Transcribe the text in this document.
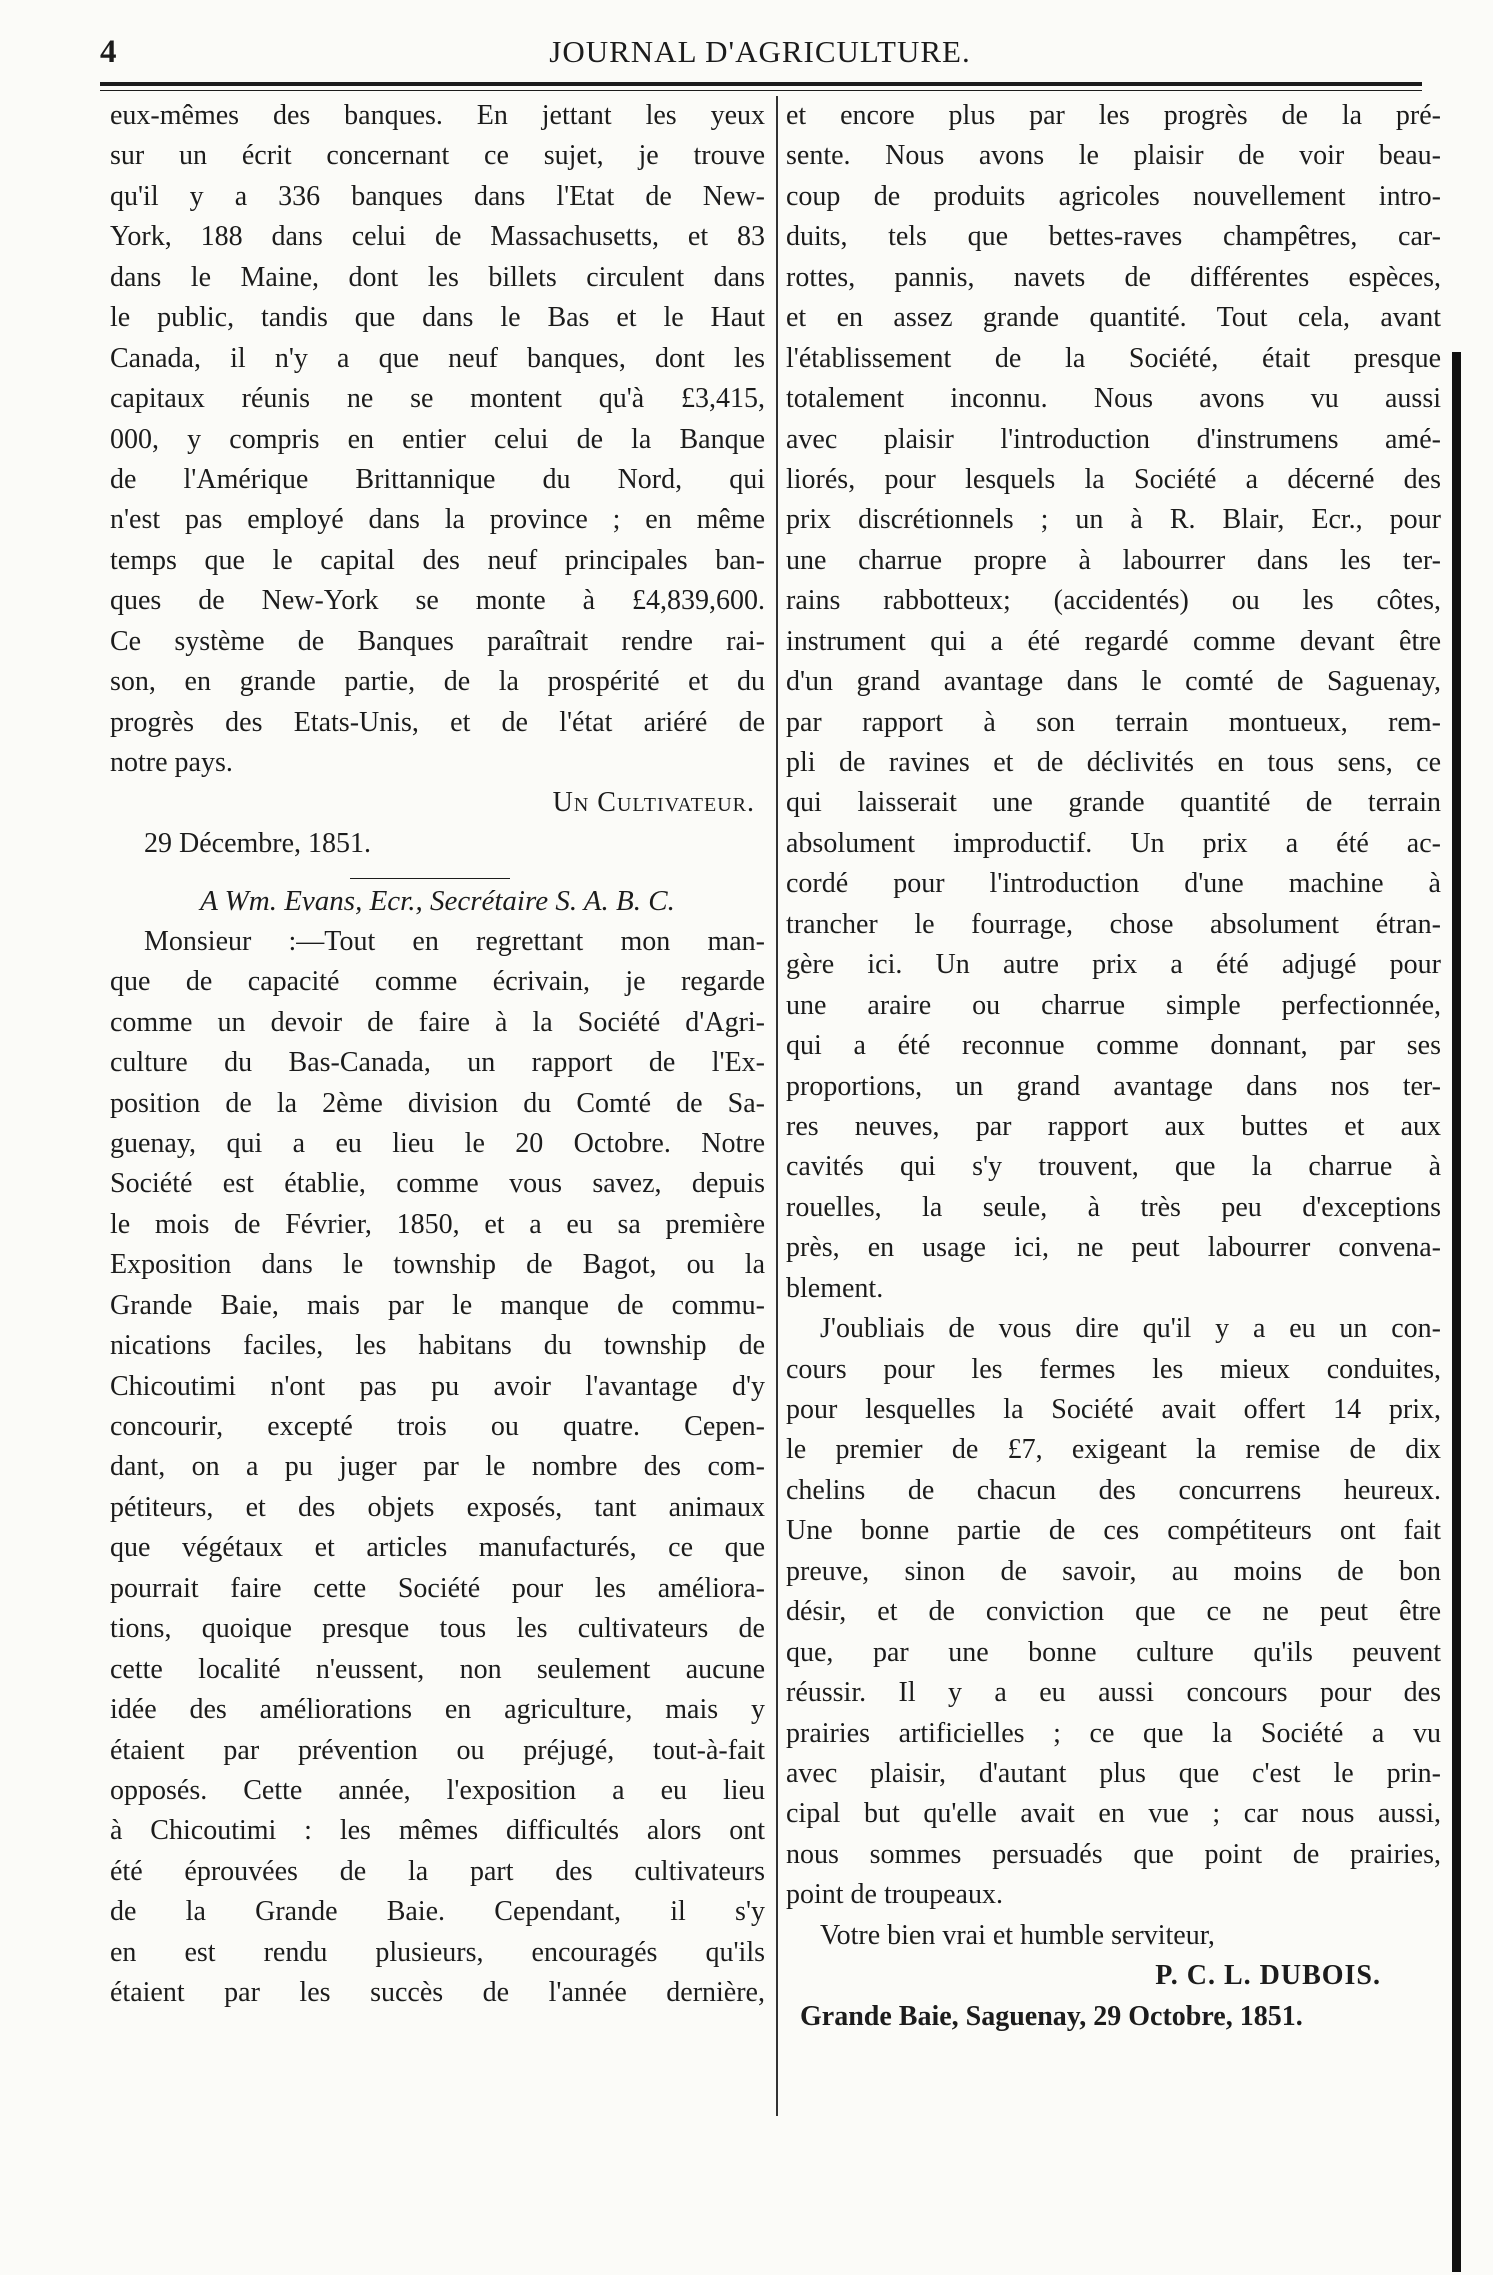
4	JOURNAL D'AGRICULTURE.

eux-mêmes des banques. En jettant les yeux
sur un écrit concernant ce sujet, je trouve
qu'il y a 336 banques dans l'Etat de New-
York, 188 dans celui de Massachusetts, et 83
dans le Maine, dont les billets circulent dans
le public, tandis que dans le Bas et le Haut
Canada, il n'y a que neuf banques, dont les
capitaux réunis ne se montent qu'à £3,415,
000, y compris en entier celui de la Banque
de l'Amérique Brittannique du Nord, qui
n'est pas employé dans la province ; en même
temps que le capital des neuf principales ban-
ques de New-York se monte à £4,839,600.
Ce système de Banques paraîtrait rendre rai-
son, en grande partie, de la prospérité et du
progrès des Etats-Unis, et de l'état ariéré de
notre pays.

Un Cultivateur.
29 Décembre, 1851.
A Wm. Evans, Ecr., Secrétaire S. A. B. C.

Monsieur :—Tout en regrettant mon man-
que de capacité comme écrivain, je regarde
comme un devoir de faire à la Société d'Agri-
culture du Bas-Canada, un rapport de l'Ex-
position de la 2ème division du Comté de Sa-
guenay, qui a eu lieu le 20 Octobre. Notre
Société est établie, comme vous savez, depuis
le mois de Février, 1850, et a eu sa première
Exposition dans le township de Bagot, ou la
Grande Baie, mais par le manque de commu-
nications faciles, les habitans du township de
Chicoutimi n'ont pas pu avoir l'avantage d'y
concourir, excepté trois ou quatre. Cepen-
dant, on a pu juger par le nombre des com-
pétiteurs, et des objets exposés, tant animaux
que végétaux et articles manufacturés, ce que
pourrait faire cette Société pour les améliora-
tions, quoique presque tous les cultivateurs de
cette localité n'eussent, non seulement aucune
idée des améliorations en agriculture, mais y
étaient par prévention ou préjugé, tout-à-fait
opposés. Cette année, l'exposition a eu lieu
à Chicoutimi : les mêmes difficultés alors ont
été éprouvées de la part des cultivateurs
de la Grande Baie. Cependant, il s'y
en est rendu plusieurs, encouragés qu'ils
étaient par les succès de l'année dernière,

et encore plus par les progrès de la pré-
sente. Nous avons le plaisir de voir beau-
coup de produits agricoles nouvellement intro-
duits, tels que bettes-raves champêtres, car-
rottes, pannis, navets de différentes espèces,
et en assez grande quantité. Tout cela, avant
l'établissement de la Société, était presque
totalement inconnu. Nous avons vu aussi
avec plaisir l'introduction d'instrumens amé-
liorés, pour lesquels la Société a décerné des
prix discrétionnels ; un à R. Blair, Ecr., pour
une charrue propre à labourrer dans les ter-
rains rabbotteux; (accidentés) ou les côtes,
instrument qui a été regardé comme devant être
d'un grand avantage dans le comté de Saguenay,
par rapport à son terrain montueux, rem-
pli de ravines et de déclivités en tous sens, ce
qui laisserait une grande quantité de terrain
absolument improductif. Un prix a été ac-
cordé pour l'introduction d'une machine à
trancher le fourrage, chose absolument étran-
gère ici. Un autre prix a été adjugé pour
une araire ou charrue simple perfectionnée,
qui a été reconnue comme donnant, par ses
proportions, un grand avantage dans nos ter-
res neuves, par rapport aux buttes et aux
cavités qui s'y trouvent, que la charrue à
rouelles, la seule, à très peu d'exceptions
près, en usage ici, ne peut labourrer convena-
blement.

J'oubliais de vous dire qu'il y a eu un con-
cours pour les fermes les mieux conduites,
pour lesquelles la Société avait offert 14 prix,
le premier de £7, exigeant la remise de dix
chelins de chacun des concurrens heureux.
Une bonne partie de ces compétiteurs ont fait
preuve, sinon de savoir, au moins de bon
désir, et de conviction que ce ne peut être
que, par une bonne culture qu'ils peuvent
réussir. Il y a eu aussi concours pour des
prairies artificielles ; ce que la Société a vu
avec plaisir, d'autant plus que c'est le prin-
cipal but qu'elle avait en vue ; car nous aussi,
nous sommes persuadés que point de prairies,
point de troupeaux.

Votre bien vrai et humble serviteur,
P. C. L. DUBOIS.
Grande Baie, Saguenay, 29 Octobre, 1851.
